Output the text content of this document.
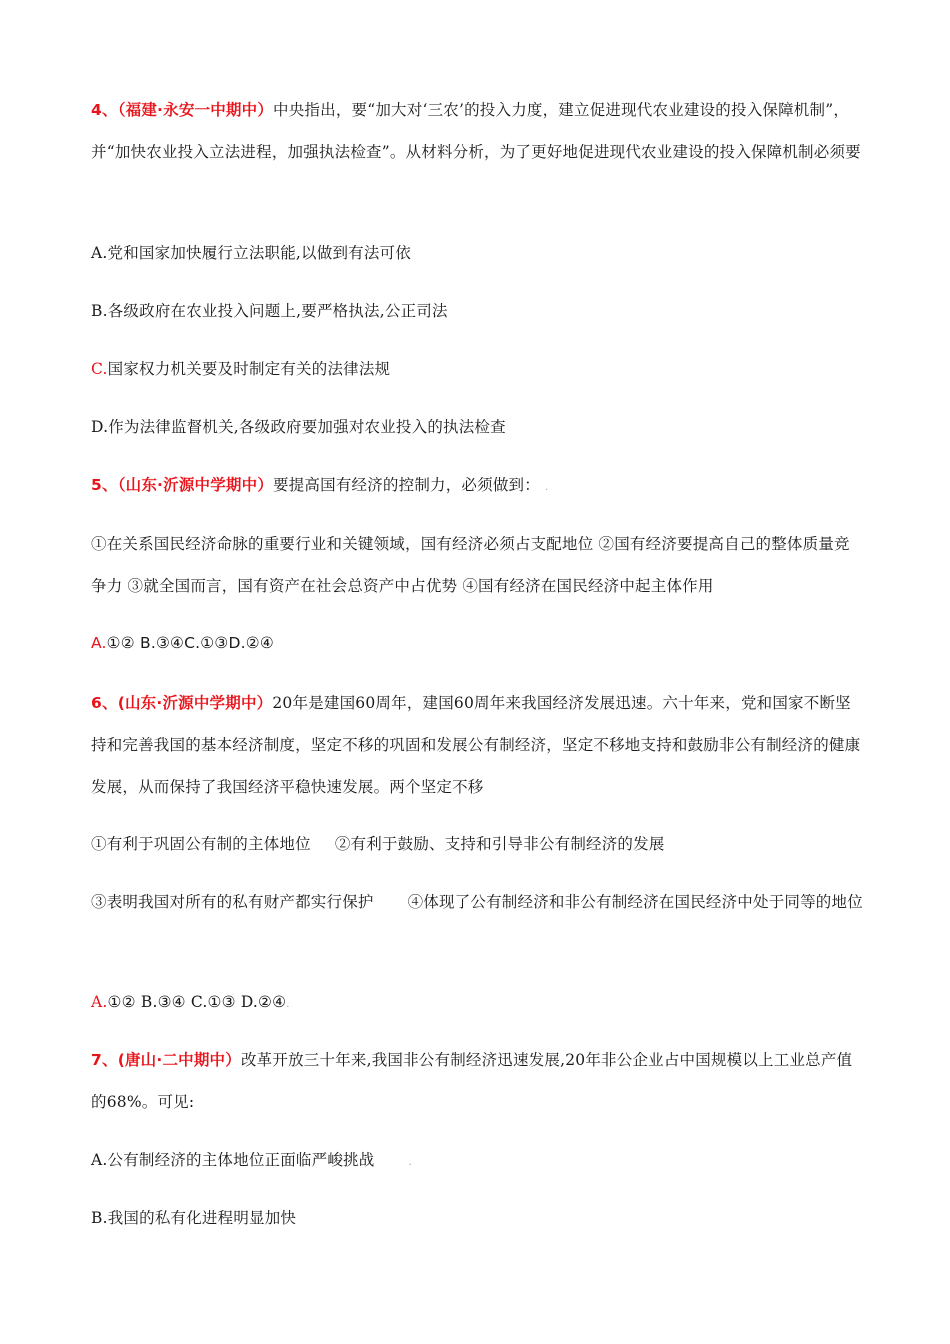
4、（福建·永安一中期中）中央指出，要“加大对‘三农’的投入力度，建立促进现代农业建设的投入保障机制”，并“加快农业投入立法进程，加强执法检查”。从材料分析，为了更好地促进现代农业建设的投入保障机制必须要

A.党和国家加快履行立法职能,以做到有法可依

B.各级政府在农业投入问题上,要严格执法,公正司法

C.国家权力机关要及时制定有关的法律法规

D.作为法律监督机关,各级政府要加强对农业投入的执法检查

5、（山东·沂源中学期中）要提高国有经济的控制力，必须做到： .

①在关系国民经济命脉的重要行业和关键领域，国有经济必须占支配地位 ②国有经济要提高自己的整体质量竞争力 ③就全国而言，国有资产在社会总资产中占优势 ④国有经济在国民经济中起主体作用

A.①② B.③④C.①③D.②④

6、(山东·沂源中学期中）20年是建国60周年，建国60周年来我国经济发展迅速。六十年来，党和国家不断坚持和完善我国的基本经济制度，坚定不移的巩固和发展公有制经济，坚定不移地支持和鼓励非公有制经济的健康发展，从而保持了我国经济平稳快速发展。两个坚定不移

①有利于巩固公有制的主体地位 ②有利于鼓励、支持和引导非公有制经济的发展

③表明我国对所有的私有财产都实行保护 ④体现了公有制经济和非公有制经济在国民经济中处于同等的地位

A.①② B.③④ C.①③ D.②④.

7、(唐山·二中期中）改革开放三十年来,我国非公有制经济迅速发展,20年非公企业占中国规模以上工业总产值的68%。可见:

A.公有制经济的主体地位正面临严峻挑战	.

B.我国的私有化进程明显加快
